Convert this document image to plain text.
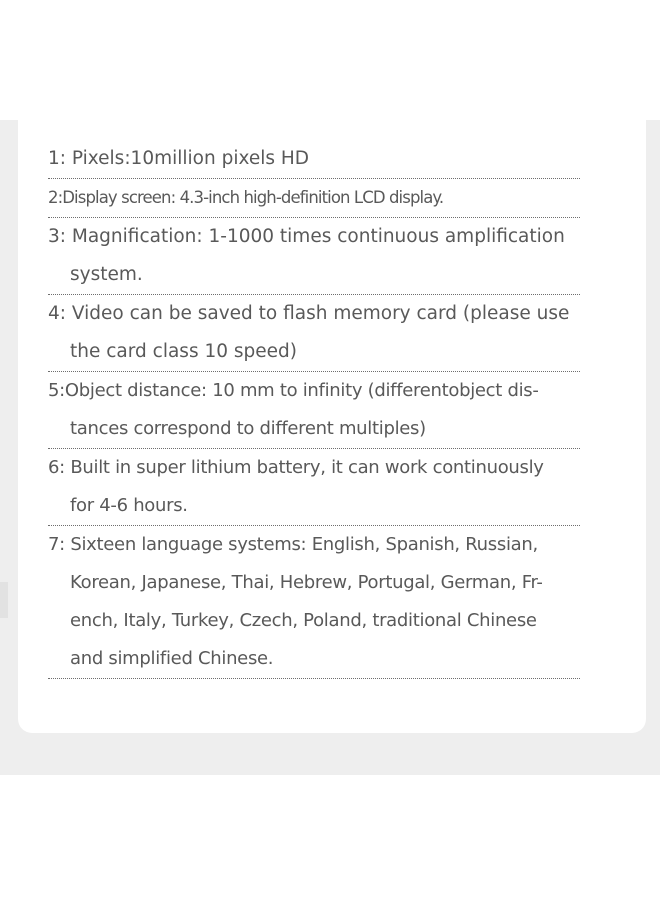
1: Pixels:10million pixels HD
2:Display screen: 4.3-inch high-definition LCD display.
3: Magnification: 1-1000 times continuous amplification
system.
4: Video can be saved to flash memory card (please use
the card class 10 speed)
5:Object distance: 10 mm to infinity (differentobject dis-
tances correspond to different multiples)
6: Built in super lithium battery, it can work continuously
for 4-6 hours.
7: Sixteen language systems: English, Spanish, Russian,
Korean, Japanese, Thai, Hebrew, Portugal, German, Fr-
ench, Italy, Turkey, Czech, Poland, traditional Chinese
and simplified Chinese.
